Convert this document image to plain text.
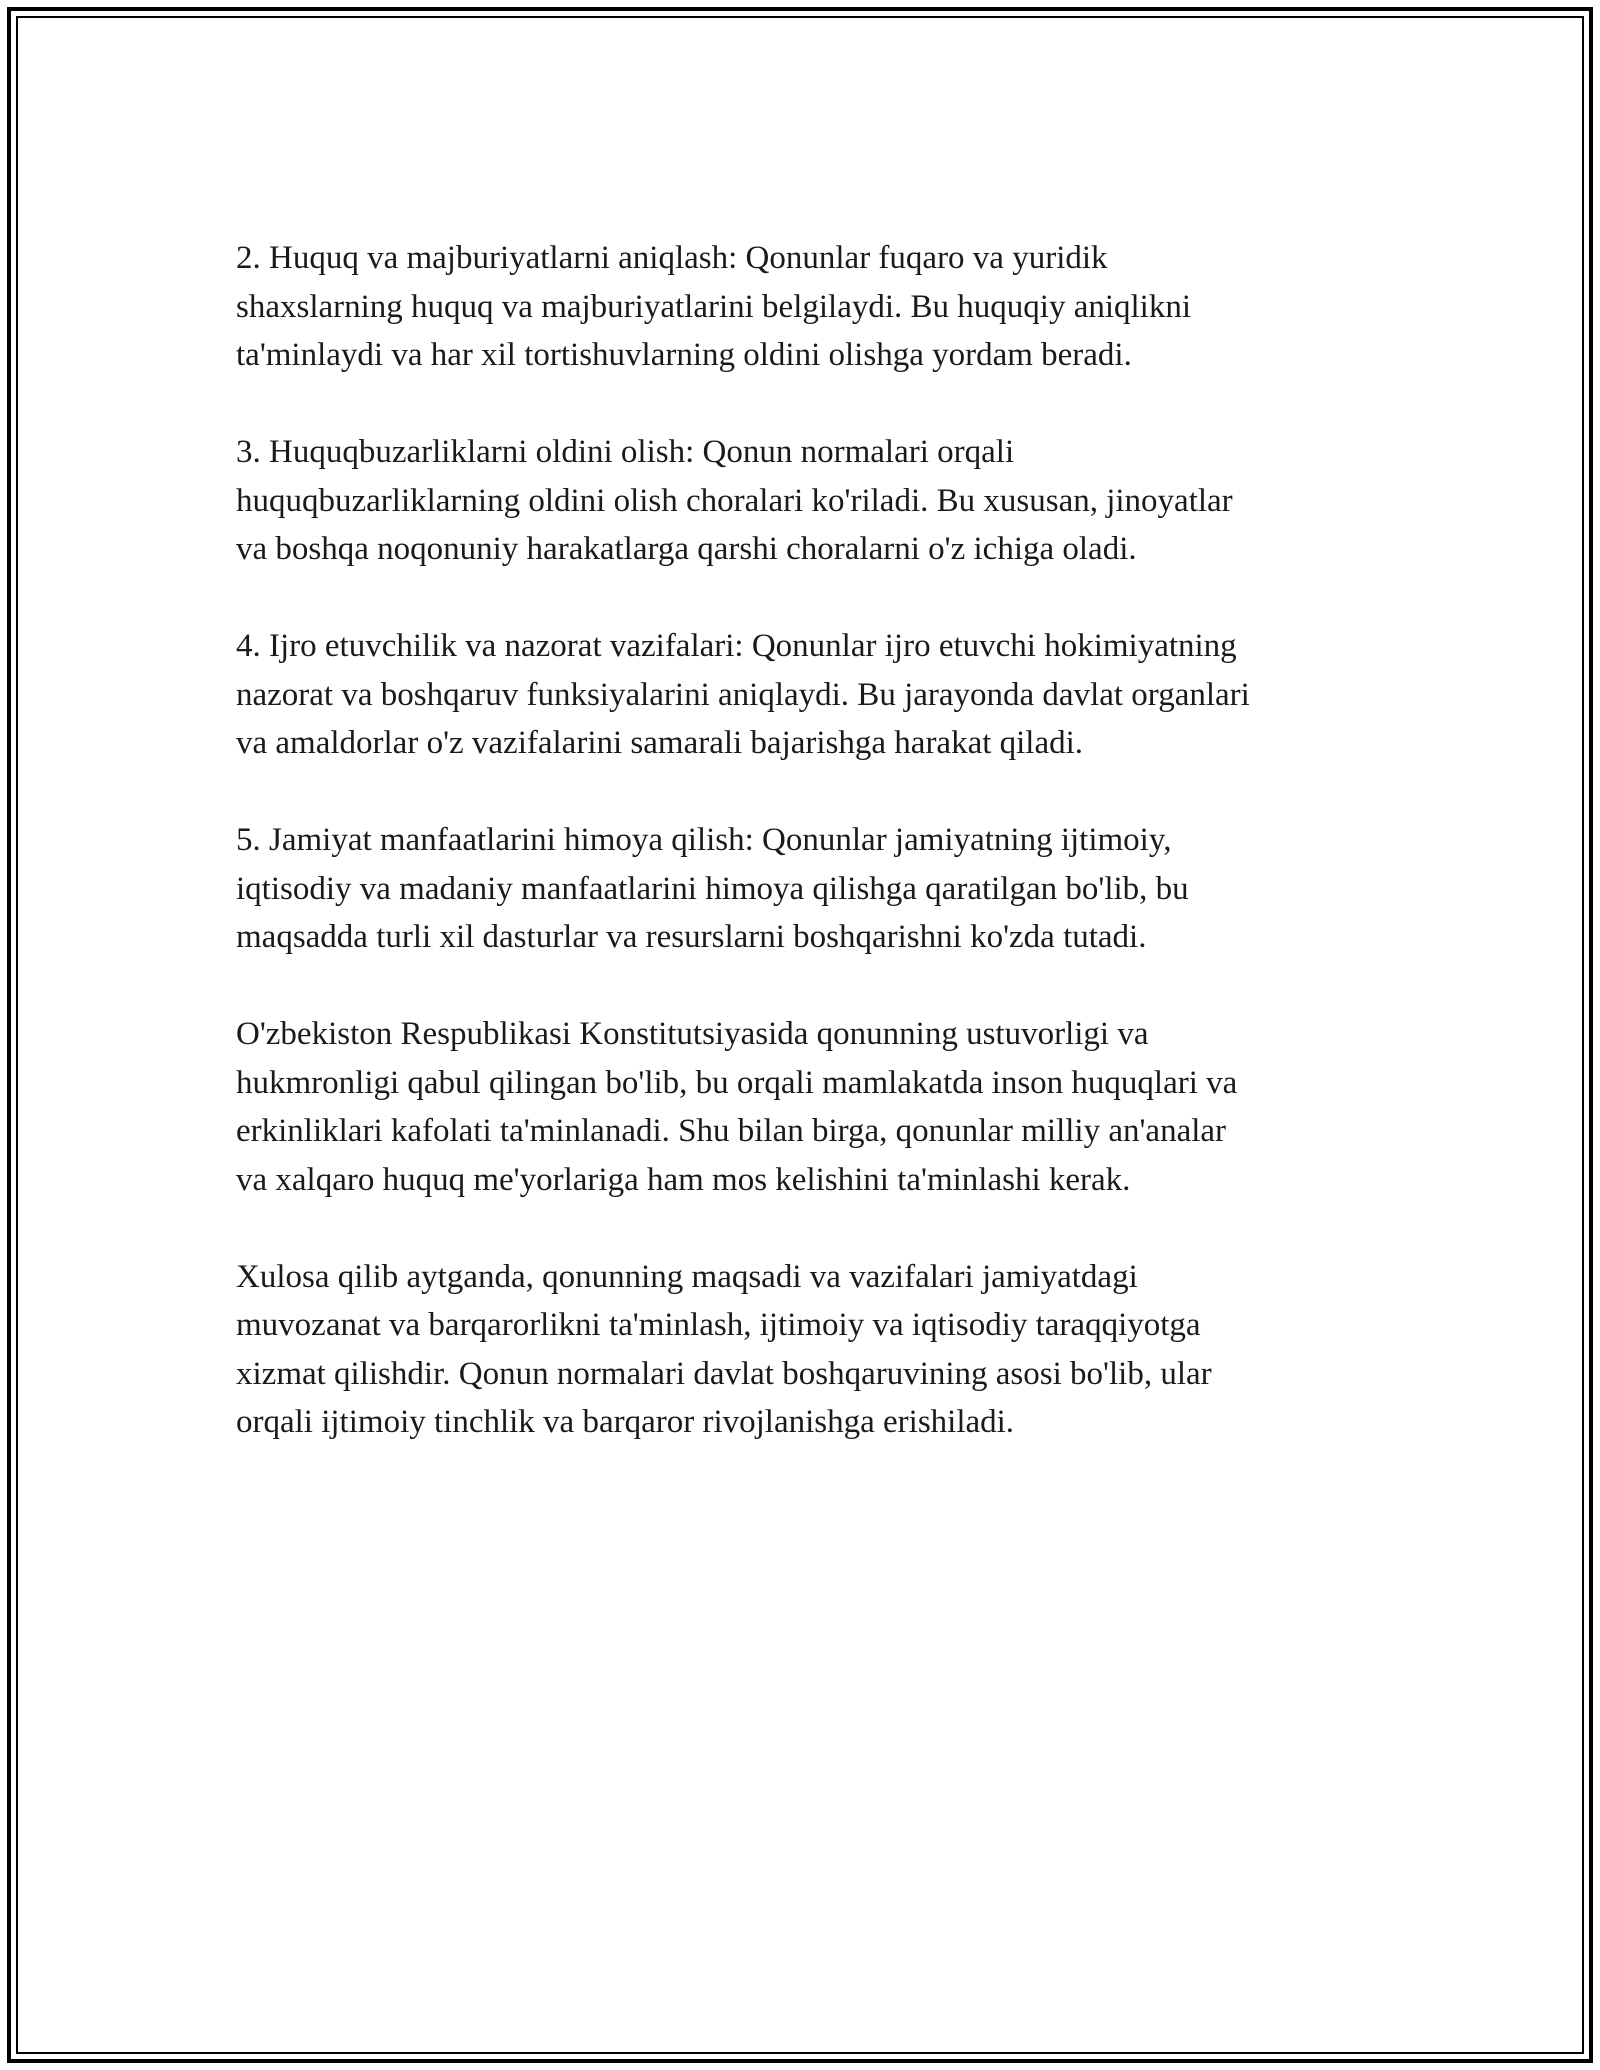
2. Huquq va majburiyatlarni aniqlash: Qonunlar fuqaro va yuridik
shaxslarning huquq va majburiyatlarini belgilaydi. Bu huquqiy aniqlikni
ta'minlaydi va har xil tortishuvlarning oldini olishga yordam beradi.

3. Huquqbuzarliklarni oldini olish: Qonun normalari orqali
huquqbuzarliklarning oldini olish choralari ko'riladi. Bu xususan, jinoyatlar
va boshqa noqonuniy harakatlarga qarshi choralarni o'z ichiga oladi.

4. Ijro etuvchilik va nazorat vazifalari: Qonunlar ijro etuvchi hokimiyatning
nazorat va boshqaruv funksiyalarini aniqlaydi. Bu jarayonda davlat organlari
va amaldorlar o'z vazifalarini samarali bajarishga harakat qiladi.

5. Jamiyat manfaatlarini himoya qilish: Qonunlar jamiyatning ijtimoiy,
iqtisodiy va madaniy manfaatlarini himoya qilishga qaratilgan bo'lib, bu
maqsadda turli xil dasturlar va resurslarni boshqarishni ko'zda tutadi.

O'zbekiston Respublikasi Konstitutsiyasida qonunning ustuvorligi va
hukmronligi qabul qilingan bo'lib, bu orqali mamlakatda inson huquqlari va
erkinliklari kafolati ta'minlanadi. Shu bilan birga, qonunlar milliy an'analar
va xalqaro huquq me'yorlariga ham mos kelishini ta'minlashi kerak.

Xulosa qilib aytganda, qonunning maqsadi va vazifalari jamiyatdagi
muvozanat va barqarorlikni ta'minlash, ijtimoiy va iqtisodiy taraqqiyotga
xizmat qilishdir. Qonun normalari davlat boshqaruvining asosi bo'lib, ular
orqali ijtimoiy tinchlik va barqaror rivojlanishga erishiladi.
